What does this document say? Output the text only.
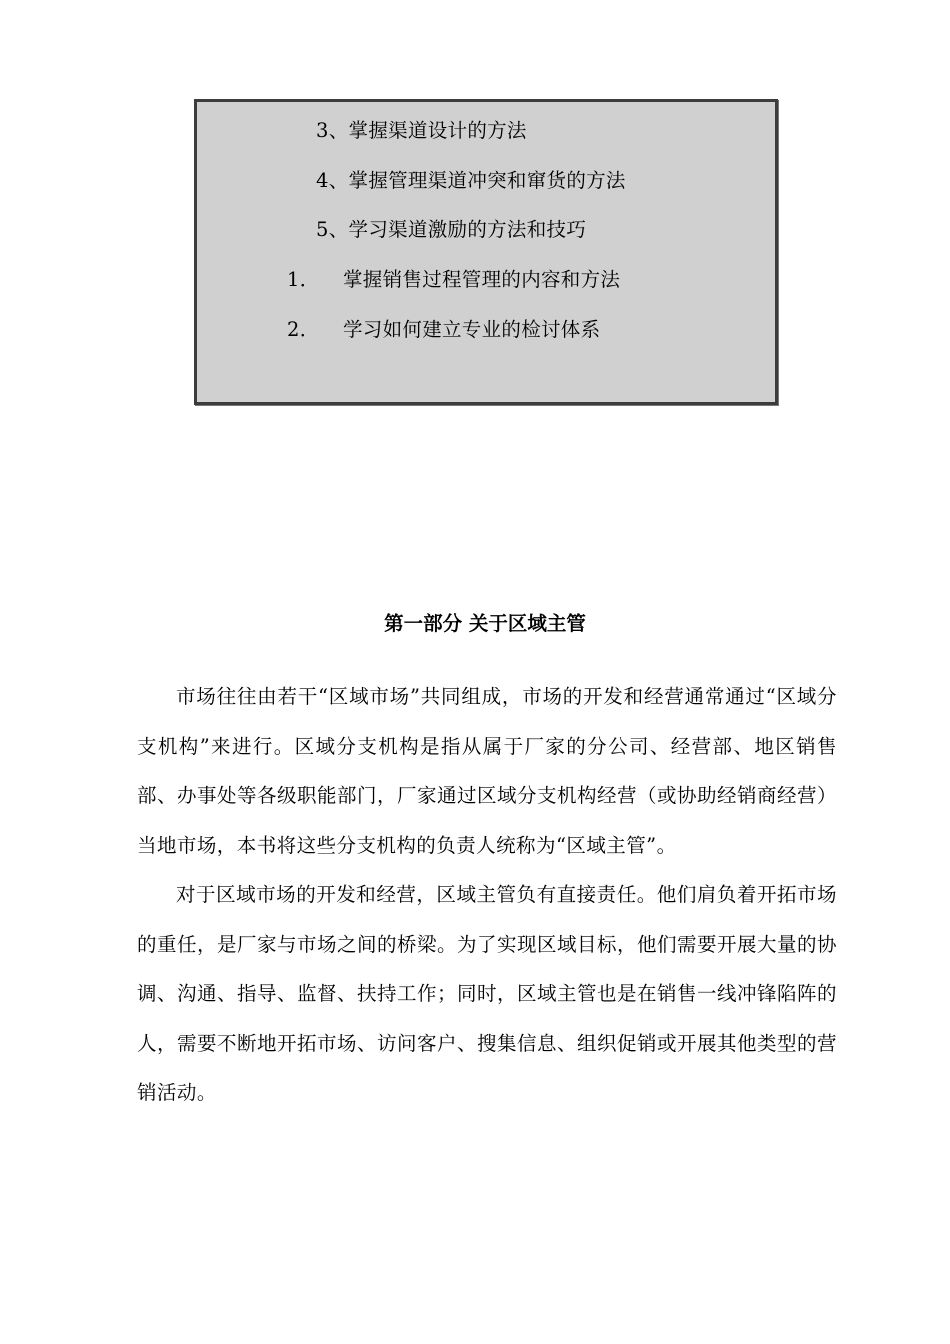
3、掌握渠道设计的方法
4、掌握管理渠道冲突和窜货的方法
5、学习渠道激励的方法和技巧
1． 掌握销售过程管理的内容和方法
2． 学习如何建立专业的检讨体系
第一部分 关于区域主管

市场往往由若干“区域市场”共同组成，市场的开发和经营通常通过“区域分支机构”来进行。区域分支机构是指从属于厂家的分公司、经营部、地区销售部、办事处等各级职能部门，厂家通过区域分支机构经营（或协助经销商经营）当地市场，本书将这些分支机构的负责人统称为“区域主管”。

对于区域市场的开发和经营，区域主管负有直接责任。他们肩负着开拓市场的重任，是厂家与市场之间的桥梁。为了实现区域目标，他们需要开展大量的协调、沟通、指导、监督、扶持工作；同时，区域主管也是在销售一线冲锋陷阵的人，需要不断地开拓市场、访问客户、搜集信息、组织促销或开展其他类型的营销活动。
